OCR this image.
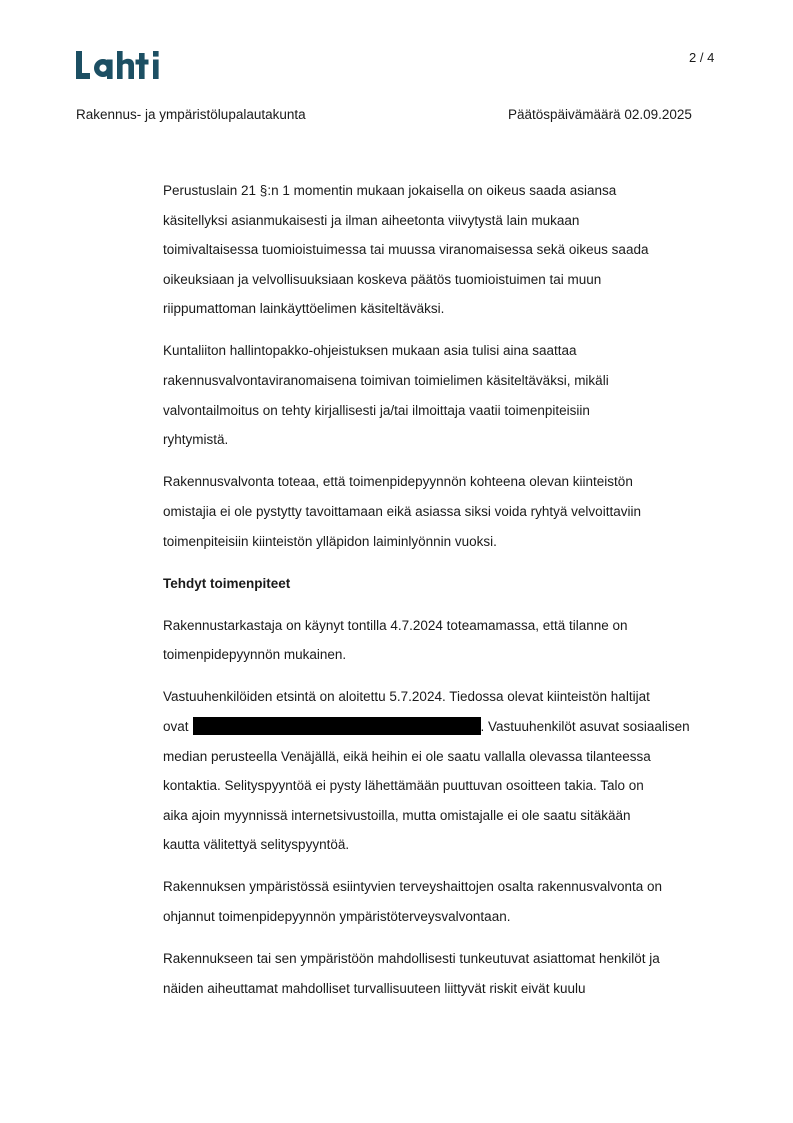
2 / 4
Rakennus- ja ympäristölupalautakunta	Päätöspäivämäärä 02.09.2025

Perustuslain 21 §:n 1 momentin mukaan jokaisella on oikeus saada asiansa
käsitellyksi asianmukaisesti ja ilman aiheetonta viivytystä lain mukaan
toimivaltaisessa tuomioistuimessa tai muussa viranomaisessa sekä oikeus saada
oikeuksiaan ja velvollisuuksiaan koskeva päätös tuomioistuimen tai muun
riippumattoman lainkäyttöelimen käsiteltäväksi.

Kuntaliiton hallintopakko-ohjeistuksen mukaan asia tulisi aina saattaa
rakennusvalvontaviranomaisena toimivan toimielimen käsiteltäväksi, mikäli
valvontailmoitus on tehty kirjallisesti ja/tai ilmoittaja vaatii toimenpiteisiin
ryhtymistä.

Rakennusvalvonta toteaa, että toimenpidepyynnön kohteena olevan kiinteistön
omistajia ei ole pystytty tavoittamaan eikä asiassa siksi voida ryhtyä velvoittaviin
toimenpiteisiin kiinteistön ylläpidon laiminlyönnin vuoksi.

Tehdyt toimenpiteet

Rakennustarkastaja on käynyt tontilla 4.7.2024 toteamamassa, että tilanne on
toimenpidepyynnön mukainen.

Vastuuhenkilöiden etsintä on aloitettu 5.7.2024. Tiedossa olevat kiinteistön haltijat
ovat	. Vastuuhenkilöt asuvat sosiaalisen
median perusteella Venäjällä, eikä heihin ei ole saatu vallalla olevassa tilanteessa
kontaktia. Selityspyyntöä ei pysty lähettämään puuttuvan osoitteen takia. Talo on
aika ajoin myynnissä internetsivustoilla, mutta omistajalle ei ole saatu sitäkään
kautta välitettyä selityspyyntöä.

Rakennuksen ympäristössä esiintyvien terveyshaittojen osalta rakennusvalvonta on
ohjannut toimenpidepyynnön ympäristöterveysvalvontaan.

Rakennukseen tai sen ympäristöön mahdollisesti tunkeutuvat asiattomat henkilöt ja
näiden aiheuttamat mahdolliset turvallisuuteen liittyvät riskit eivät kuulu
